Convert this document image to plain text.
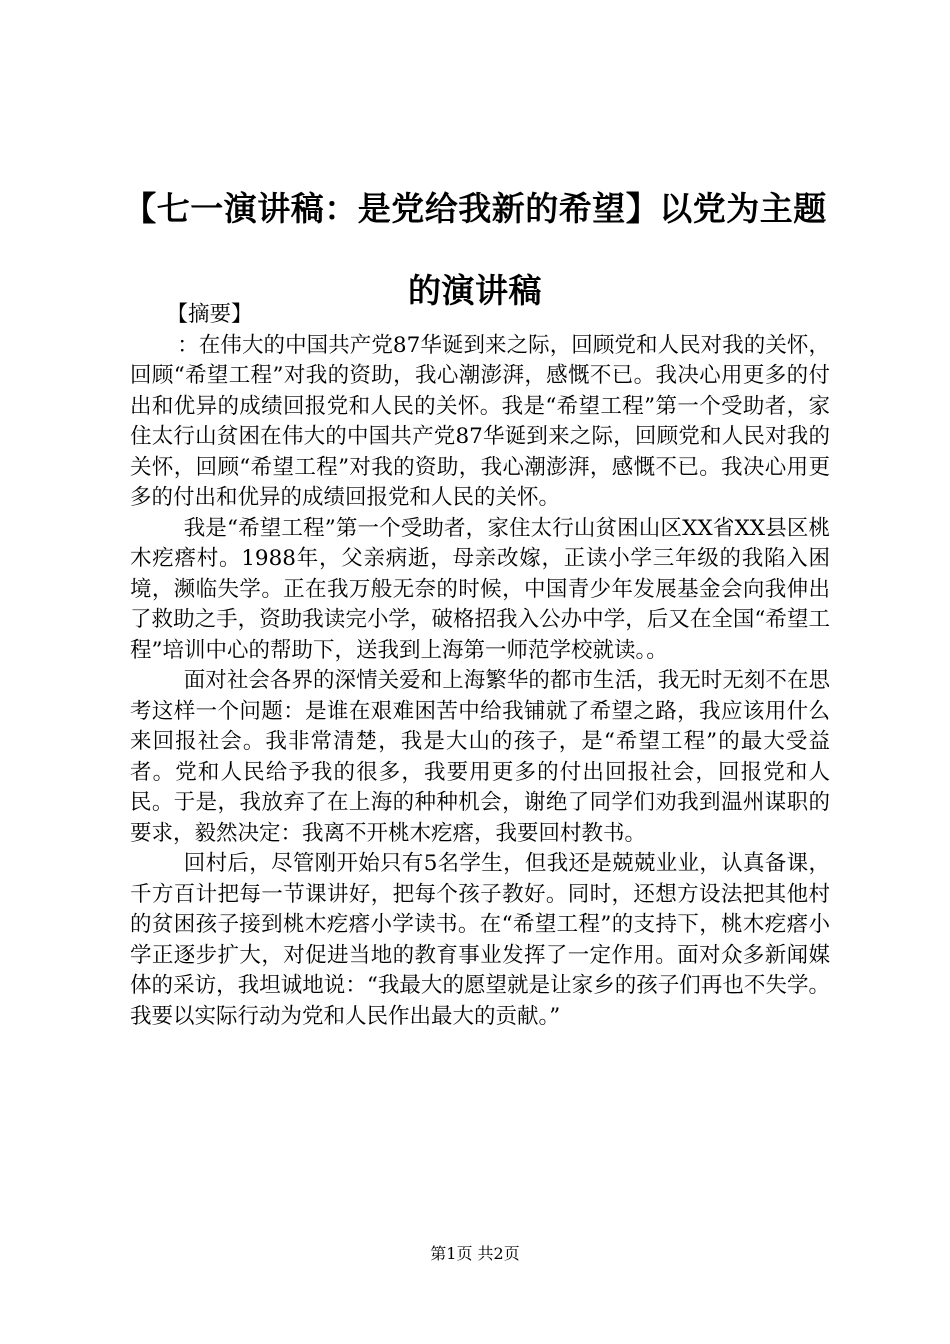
【七一演讲稿：是党给我新的希望】以党为主题的演讲稿

【摘要】

：在伟大的中国共产党87华诞到来之际，回顾党和人民对我的关怀，回顾“希望工程”对我的资助，我心潮澎湃，感慨不已。我决心用更多的付出和优异的成绩回报党和人民的关怀。我是“希望工程”第一个受助者，家住太行山贫困在伟大的中国共产党87华诞到来之际，回顾党和人民对我的关怀，回顾“希望工程”对我的资助，我心潮澎湃，感慨不已。我决心用更多的付出和优异的成绩回报党和人民的关怀。

我是“希望工程”第一个受助者，家住太行山贫困山区XX省XX县区桃木疙瘩村。1988年，父亲病逝，母亲改嫁，正读小学三年级的我陷入困境，濒临失学。正在我万般无奈的时候，中国青少年发展基金会向我伸出了救助之手，资助我读完小学，破格招我入公办中学，后又在全国“希望工程”培训中心的帮助下，送我到上海第一师范学校就读。。

面对社会各界的深情关爱和上海繁华的都市生活，我无时无刻不在思考这样一个问题：是谁在艰难困苦中给我铺就了希望之路，我应该用什么来回报社会。我非常清楚，我是大山的孩子，是“希望工程”的最大受益者。党和人民给予我的很多，我要用更多的付出回报社会，回报党和人民。于是，我放弃了在上海的种种机会，谢绝了同学们劝我到温州谋职的要求，毅然决定：我离不开桃木疙瘩，我要回村教书。

回村后，尽管刚开始只有5名学生，但我还是兢兢业业，认真备课，千方百计把每一节课讲好，把每个孩子教好。同时，还想方设法把其他村的贫困孩子接到桃木疙瘩小学读书。在“希望工程”的支持下，桃木疙瘩小学正逐步扩大，对促进当地的教育事业发挥了一定作用。面对众多新闻媒体的采访，我坦诚地说：“我最大的愿望就是让家乡的孩子们再也不失学。我要以实际行动为党和人民作出最大的贡献。”

第1页 共2页
